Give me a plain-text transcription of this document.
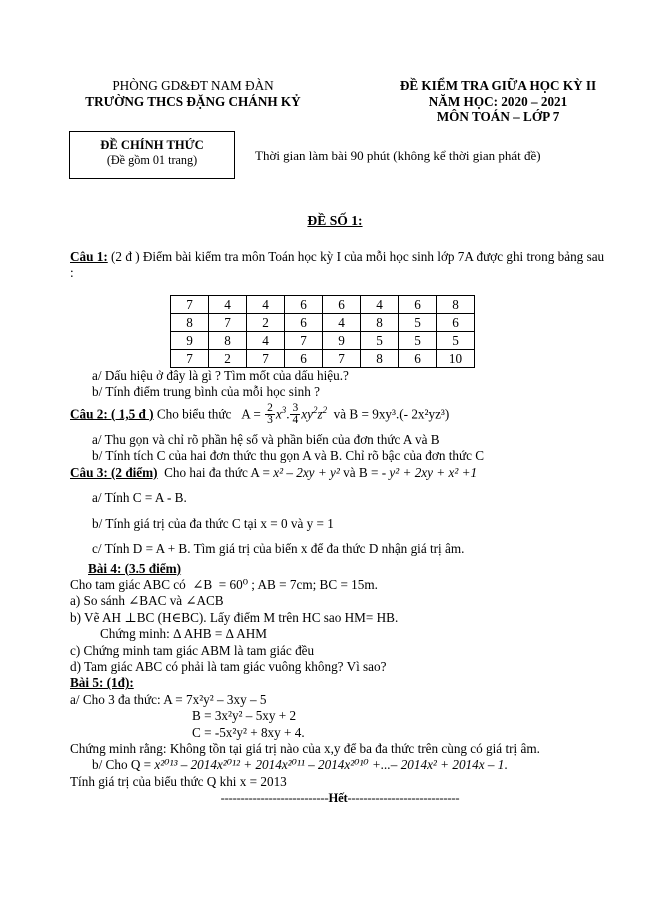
PHÒNG GD&ĐT NAM ĐÀN
TRƯỜNG THCS ĐẶNG CHÁNH KỶ
ĐỀ KIỂM TRA GIỮA HỌC KỲ II
NĂM HỌC: 2020 – 2021
MÔN TOÁN – LỚP 7
ĐỀ CHÍNH THỨC
(Đề gồm 01 trang)	Thời gian làm bài 90 phút (không kể thời gian phát đề)
ĐỀ SỐ 1:
7	4	4	6	6	4	6	8
8	7	2	6	4	8	5	6
9	8	4	7	9	5	5	5
7	2	7	6	7	8	6	10

Câu 1: (2 đ ) Điểm bài kiểm tra môn Toán học kỳ I của mỗi học sinh lớp 7A được ghi trong bảng sau :

a/ Dấu hiệu ở đây là gì ? Tìm mốt của dấu hiệu.?

b/ Tính điểm trung bình của mỗi học sinh ?

Câu 2: ( 1,5 đ ) Cho biểu thức $A = \frac{2}{3} x^3$. $\frac{3}{4} xy^2z^2$ và B = 9xy³.(- 2x²yz³)

a/ Thu gọn và chỉ rõ phần hệ số và phần biến của đơn thức A và B

b/ Tính tích C của hai đơn thức thu gọn A và B. Chỉ rõ bậc của đơn thức C

Câu 3: (2 điểm) Cho hai đa thức A = x² – 2xy + y² và B = - y² + 2xy + x² +1

a/ Tính C = A - B.

b/ Tính giá trị của đa thức C tại x = 0 và y = 1

c/ Tính D = A + B. Tìm giá trị của biến x để đa thức D nhận giá trị âm.

Bài 4: (3.5 điểm)

Cho tam giác ABC có ∠B = 60⁰ ; AB = 7cm; BC = 15m.

a) So sánh ∠BAC và ∠ACB

b) Vẽ AH ⊥BC (H∈BC). Lấy điểm M trên HC sao HM= HB.

Chứng minh: ∆ AHB = ∆ AHM

c) Chứng minh tam giác ABM là tam giác đều

d) Tam giác ABC có phải là tam giác vuông không? Vì sao?

Bài 5: (1đ):

a/ Cho 3 đa thức: A = 7x²y² – 3xy – 5

B = 3x²y² – 5xy + 2

C = -5x²y² + 8xy + 4.

Chứng minh rằng: Không tồn tại giá trị nào của x,y để ba đa thức trên cùng có giá trị âm.

b/ Cho Q = x²⁰¹³ – 2014x²⁰¹² + 2014x²⁰¹¹ – 2014x²⁰¹⁰ +...– 2014x² + 2014x – 1.

Tính giá trị của biểu thức Q khi x = 2013

---------------------------Hết----------------------------
